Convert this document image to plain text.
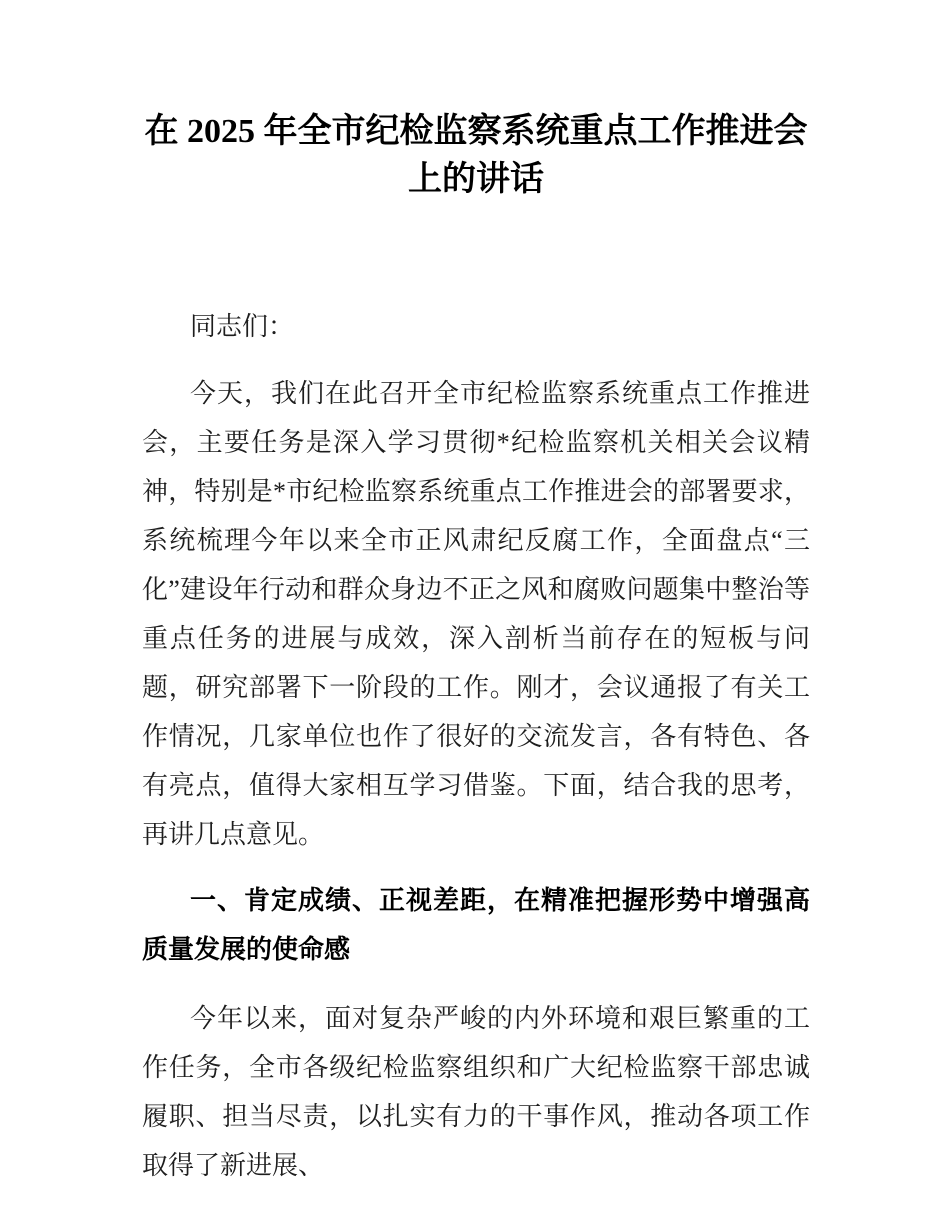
在 2025 年全市纪检监察系统重点工作推进会上的讲话

同志们：

今天，我们在此召开全市纪检监察系统重点工作推进会，主要任务是深入学习贯彻*纪检监察机关相关会议精神，特别是*市纪检监察系统重点工作推进会的部署要求，系统梳理今年以来全市正风肃纪反腐工作，全面盘点“三化”建设年行动和群众身边不正之风和腐败问题集中整治等重点任务的进展与成效，深入剖析当前存在的短板与问题，研究部署下一阶段的工作。刚才，会议通报了有关工作情况，几家单位也作了很好的交流发言，各有特色、各有亮点，值得大家相互学习借鉴。下面，结合我的思考，再讲几点意见。

一、肯定成绩、正视差距，在精准把握形势中增强高质量发展的使命感

今年以来，面对复杂严峻的内外环境和艰巨繁重的工作任务，全市各级纪检监察组织和广大纪检监察干部忠诚履职、担当尽责，以扎实有力的干事作风，推动各项工作取得了新进展、
